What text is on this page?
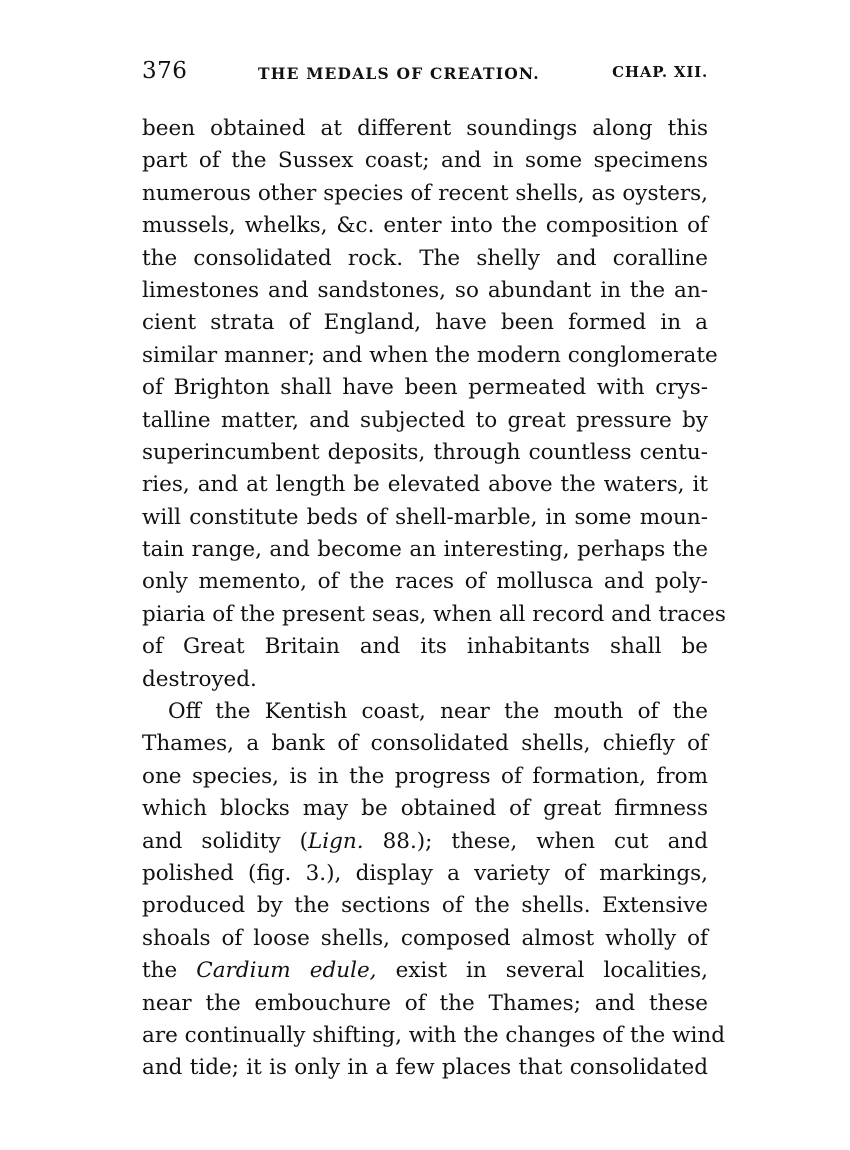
376	THE MEDALS OF CREATION.	CHAP. XII.
been obtained at different soundings along this
part of the Sussex coast; and in some specimens
numerous other species of recent shells, as oysters,
mussels, whelks, &c. enter into the composition of
the consolidated rock. The shelly and coralline
limestones and sandstones, so abundant in the an-
cient strata of England, have been formed in a
similar manner; and when the modern conglomerate
of Brighton shall have been permeated with crys-
talline matter, and subjected to great pressure by
superincumbent deposits, through countless centu-
ries, and at length be elevated above the waters, it
will constitute beds of shell-marble, in some moun-
tain range, and become an interesting, perhaps the
only memento, of the races of mollusca and poly-
piaria of the present seas, when all record and traces
of Great Britain and its inhabitants shall be
destroyed.
Off the Kentish coast, near the mouth of the
Thames, a bank of consolidated shells, chiefly of
one species, is in the progress of formation, from
which blocks may be obtained of great firmness
and solidity (Lign. 88.); these, when cut and
polished (fig. 3.), display a variety of markings,
produced by the sections of the shells. Extensive
shoals of loose shells, composed almost wholly of
the Cardium edule, exist in several localities,
near the embouchure of the Thames; and these
are continually shifting, with the changes of the wind
and tide; it is only in a few places that consolidated
